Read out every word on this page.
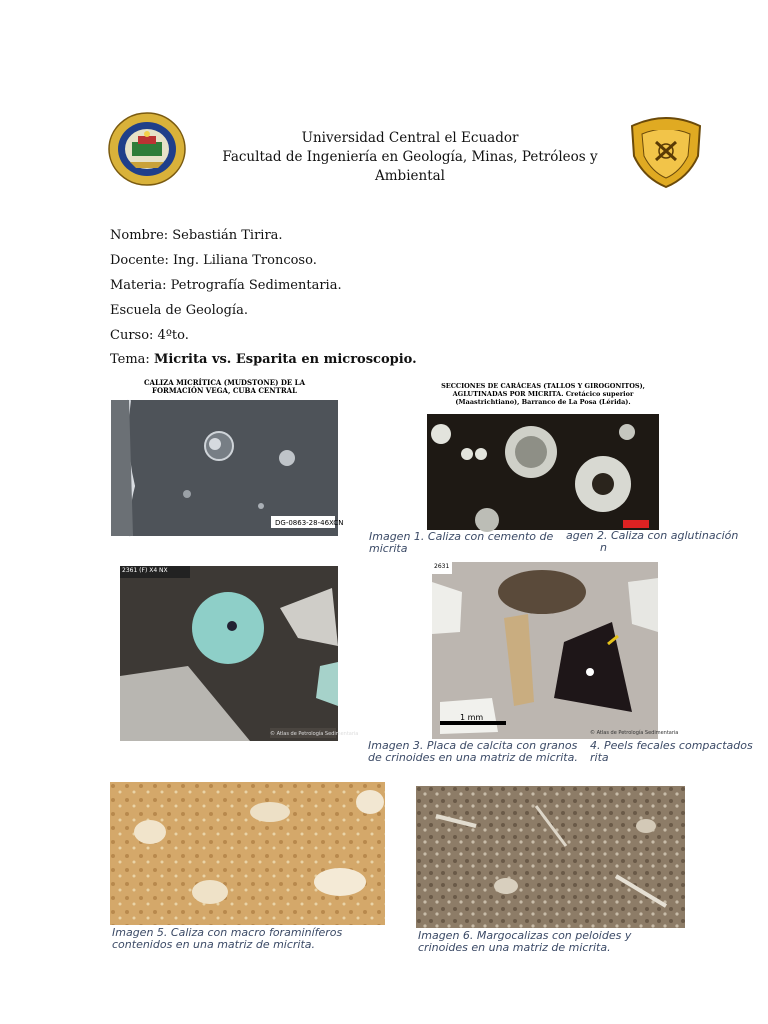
Universidad Central el Ecuador
Facultad de Ingeniería en Geología, Minas, Petróleos y Ambiental
Nombre: Sebastián Tirira.
Docente: Ing. Liliana Troncoso.
Materia: Petrografía Sedimentaria.
Escuela de Geología.
Curso: 4ºto.
Tema: Micrita vs. Esparita en microscopio.
CALIZA MICRÍTICA (MUDSTONE) DE LA FORMACIÓN VEGA, CUBA CENTRAL
DG-0863-28-46XCN
SECCIONES DE CARÁCEAS (TALLOS Y GIROGONITOS), AGLUTINADAS POR MICRITA. Cretácico superior (Maastrichtiano), Barranco de La Posa (Lérida).
Imagen 1. Caliza con cemento de
micrita
agen 2. Caliza con aglutinación
n
2361 (F) X4 NX
© Atlas de Petrología Sedimentaria
2631
1 mm
© Atlas de Petrología Sedimentaria
Imagen 3. Placa de calcita con granos de crinoides en una matriz de micrita.
4. Peels fecales compactados
rita
Imagen 5. Caliza con macro foraminíferos contenidos en una matriz de micrita.
Imagen 6. Margocalizas con peloides y crinoides en una matriz de micrita.
